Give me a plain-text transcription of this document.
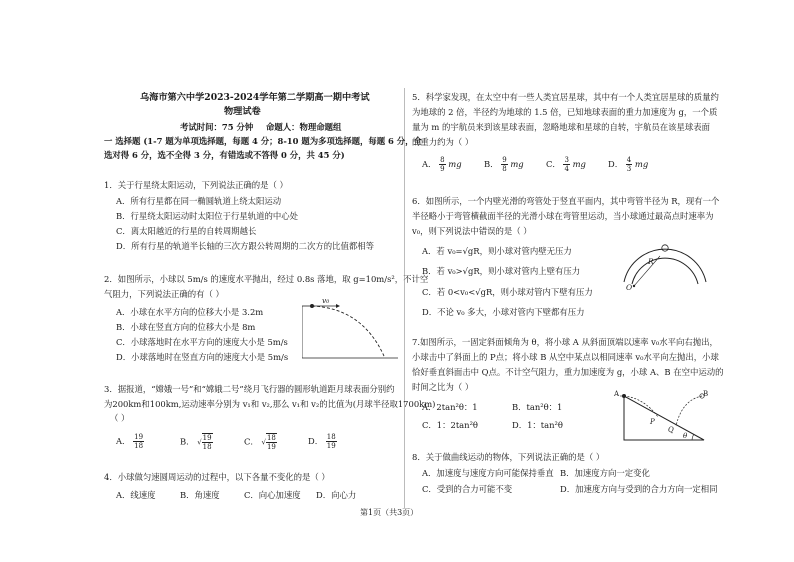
乌海市第六中学2023-2024学年第二学期高一期中考试
物理试卷
考试时间：75 分钟 命题人：物理命题组
一 选择题 (1-7 题为单项选择题，每题 4 分；8-10 题为多项选择题，每题 6 分，全
选对得 6 分，选不全得 3 分，有错选或不答得 0 分，共 45 分)
1．关于行星绕太阳运动，下列说法正确的是（ ）
A．所有行星都在同一椭圆轨道上绕太阳运动
B．行星绕太阳运动时太阳位于行星轨道的中心处
C．离太阳越近的行星的自转周期越长
D．所有行星的轨道半长轴的三次方跟公转周期的二次方的比值都相等
2．如图所示，小球以 5m/s 的速度水平抛出，经过 0.8s 落地，取 g=10m/s²，不计空
气阻力，下列说法正确的有（ ）
A．小球在水平方向的位移大小是 3.2m
B．小球在竖直方向的位移大小是 8m
C．小球落地时在水平方向的速度大小是 5m/s
D．小球落地时在竖直方向的速度大小是 5m/s
v₀
3．据报道，“嫦娥一号”和“嫦娥二号”绕月飞行器的圆形轨道距月球表面分别约
为200km和100km,运动速率分别为 v₁和 v₂,那么 v₁和 v₂的比值为(月球半径取1700km)
（ ）
A． $\frac{19}{18}$	B． √ $\frac{19}{18}$	C． √ $\frac{18}{19}$	D． $\frac{18}{19}$
4．小球做匀速圆周运动的过程中，以下各量不变化的是（ ）
A．线速度	B．角速度	C．向心加速度 D．向心力
5．科学家发现，在太空中有一些人类宜居星球，其中有一个人类宜居星球的质量约
为地球的 2 倍，半径约为地球的 1.5 倍，已知地球表面的重力加速度为 g，一个质
量为 m 的宇航员来到该星球表面，忽略地球和星球的自转，宇航员在该星球表面
的重力约为（ ）
A． $\frac{8}{9}$ mg	B． $\frac{9}{8}$ mg	C． $\frac{3}{4}$ mg	D． $\frac{4}{3}$ mg
6．如图所示，一个内壁光滑的弯管处于竖直平面内，其中弯管半径为 R，现有一个
半径略小于弯管横截面半径的光滑小球在弯管里运动，当小球通过最高点时速率为
v₀，则下列说法中错误的是（ ）
A．若 v₀=√gR，则小球对管内壁无压力
B．若 v₀>√gR，则小球对管内上壁有压力
C．若 0<v₀<√gR，则小球对管内下壁有压力
D．不论 v₀ 多大，小球对管内下壁都有压力
R
O
7.如图所示，一固定斜面倾角为 θ，将小球 A 从斜面顶端以速率 v₀水平向右抛出，
小球击中了斜面上的 P点；将小球 B 从空中某点以相同速率 v₀水平向左抛出，小球
恰好垂直斜面击中 Q点。不计空气阻力，重力加速度为 g，小球 A、B 在空中运动的
时间之比为（ ）
A．2tan²θ：1	B．tan²θ：1
C．1：2tan²θ	D．1：tan²θ
A	B
P
Q
θ
8．关于做曲线运动的物体，下列说法正确的是（ ）
A．加速度与速度方向可能保持垂直 B．加速度方向一定变化
C．受到的合力可能不变	D．加速度方向与受到的合力方向一定相同
第1页（共3页）
